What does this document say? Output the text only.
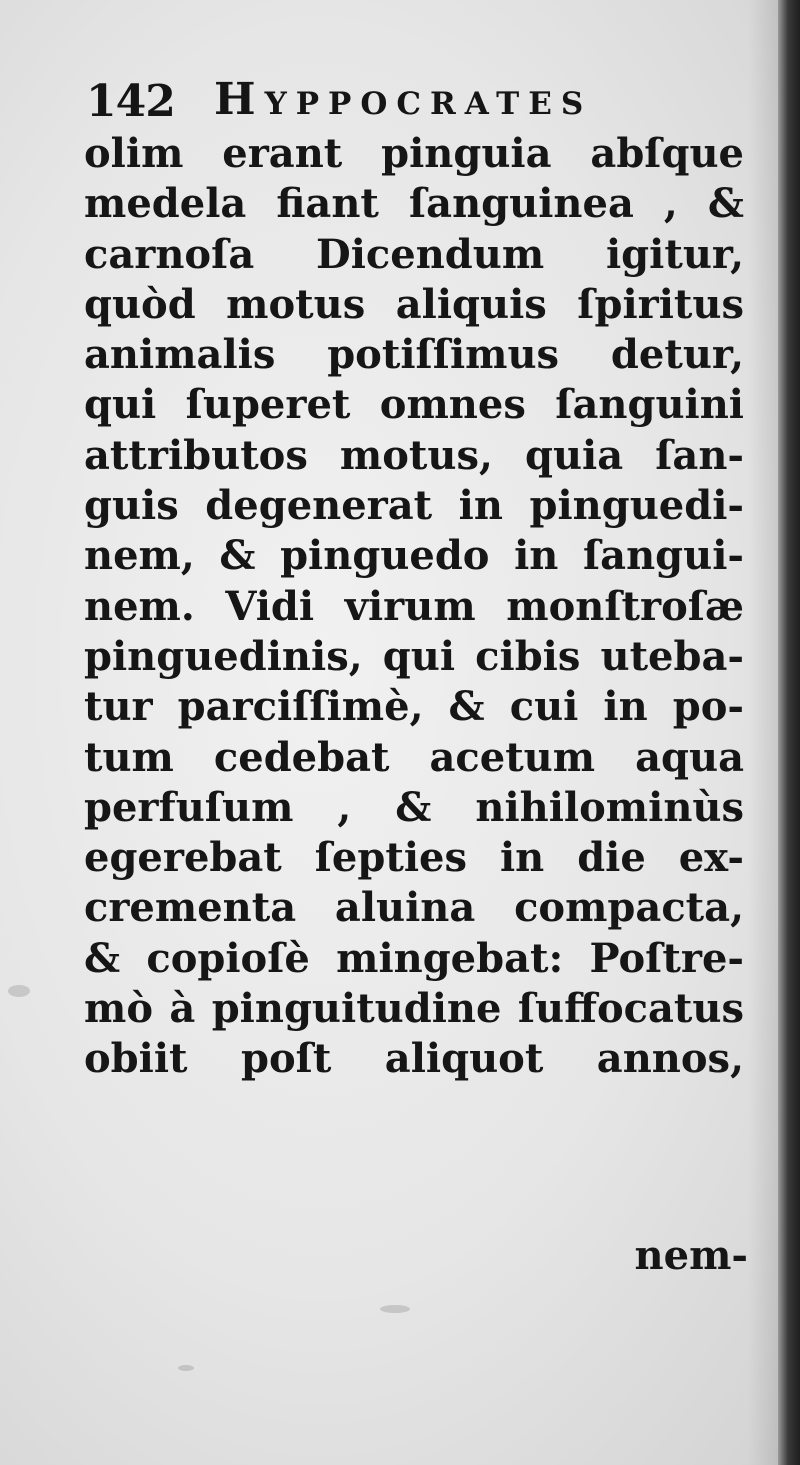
142 Hyppocrates
olim erant pinguia abſque
medela fiant ſanguinea , &
carnoſa Dicendum igitur,
quòd motus aliquis ſpiritus
animalis potiſſimus detur,
qui ſuperet omnes ſanguini
attributos motus, quia ſan-
guis degenerat in pinguedi-
nem, & pinguedo in ſangui-
nem. Vidi virum monſtroſæ
pinguedinis, qui cibis uteba-
tur parciſſimè, & cui in po-
tum cedebat acetum aqua
perfuſum , & nihilominùs
egerebat ſepties in die ex-
crementa aluina compacta,
& copioſè mingebat: Poſtre-
mò à pinguitudine ſuffocatus
obiit poſt aliquot annos,
nem-
